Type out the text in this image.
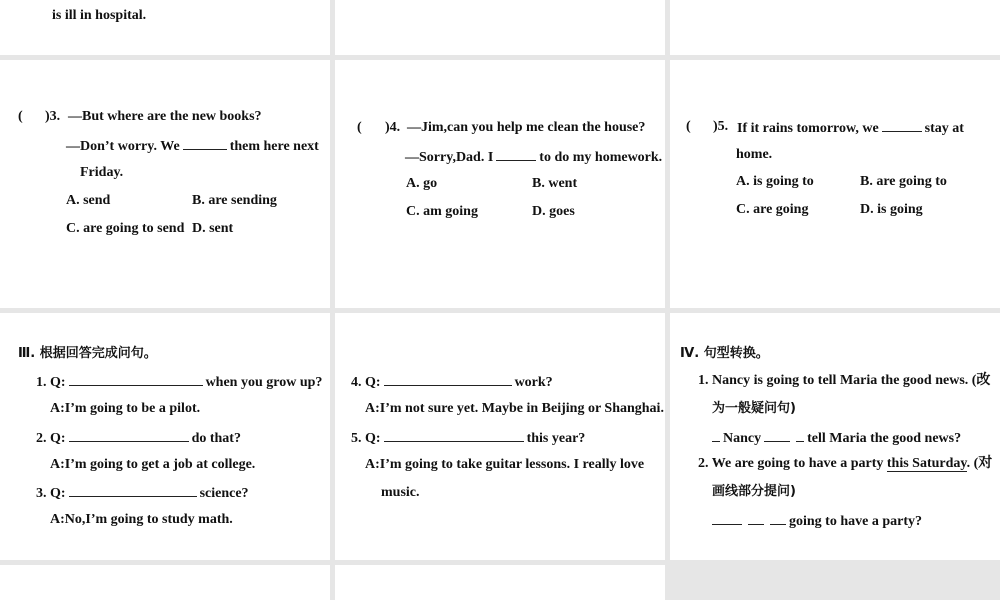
is ill in hospital.
( )3. —But where are the new books?
—Don’t worry. We	them here next
Friday.
A. send	B. are sending
C. are going to send D. sent
( )4. —Jim,can you help me clean the house?
—Sorry,Dad. I	to do my homework.
A. go	B. went
C. am going	D. goes
( )5. If it rains tomorrow, we	stay at
home.
A. is going to	B. are going to
C. are going	D. is going
Ⅲ. 根据回答完成问句。
1. Q:	when you grow up?
A:I’m going to be a pilot.
2. Q:	do that?
A:I’m going to get a job at college.
3. Q:	science?
A:No,I’m going to study math.
4. Q:	work?
A:I’m not sure yet. Maybe in Beijing or Shanghai.
5. Q:	this year?
A:I’m going to take guitar lessons. I really love
music.
Ⅳ. 句型转换。
1. Nancy is going to tell Maria the good news. (改
为一般疑问句)
Nancy	tell Maria the good news?
2. We are going to have a party this Saturday. (对
画线部分提问)
going to have a party?
